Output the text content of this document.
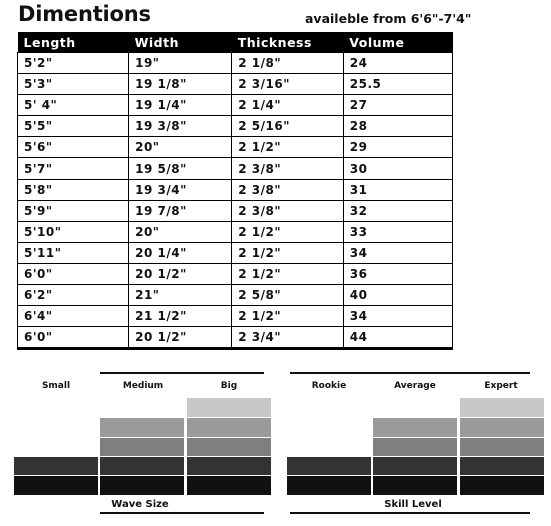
Dimentions	availeble from 6'6"-7'4"
Length	Width	Thickness	Volume
5'2"	19"	2 1/8"	24
5'3"	19 1/8"	2 3/16"	25.5
5' 4"	19 1/4"	2 1/4"	27
5'5"	19 3/8"	2 5/16"	28
5'6"	20"	2 1/2"	29
5'7"	19 5/8"	2 3/8"	30
5'8"	19 3/4"	2 3/8"	31
5'9"	19 7/8"	2 3/8"	32
5'10"	20"	2 1/2"	33
5'11"	20 1/4"	2 1/2"	34
6'0"	20 1/2"	2 1/2"	36
6'2"	21"	2 5/8"	40
6'4"	21 1/2"	2 1/2"	34
6'0"	20 1/2"	2 3/4"	44
Small	Medium	Big
Wave Size
Rookie	Average	Expert
Skill Level
